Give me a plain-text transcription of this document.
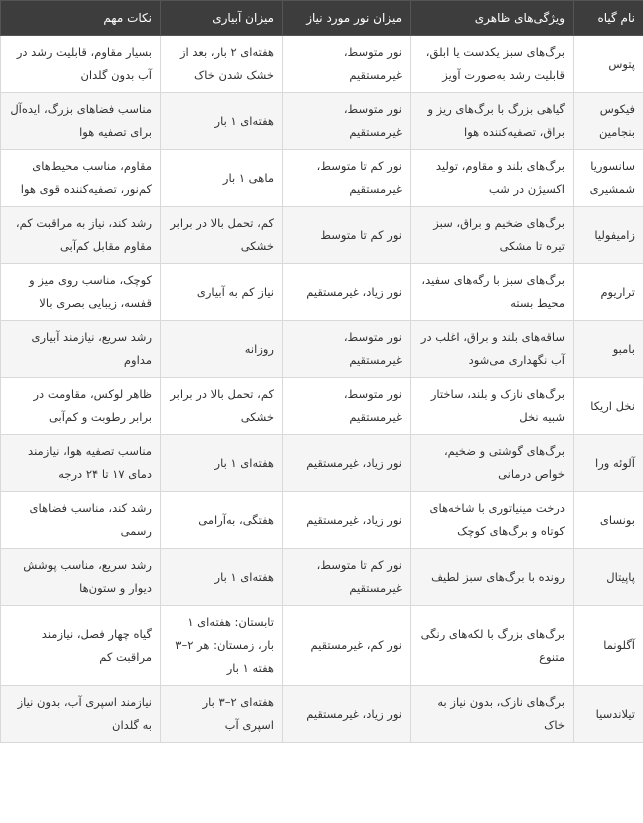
نام گیاه	ویژگی‌های ظاهری	میزان نور مورد نیاز	میزان آبیاری	نکات مهم
پتوس	برگ‌های سبز یکدست یا ابلق، قابلیت رشد به‌صورت آویز	نور متوسط، غیرمستقیم	هفته‌ای ۲ بار، بعد از خشک شدن خاک	بسیار مقاوم، قابلیت رشد در آب بدون گلدان
فیکوس بنجامین	گیاهی بزرگ با برگ‌های ریز و براق، تصفیه‌کننده هوا	نور متوسط، غیرمستقیم	هفته‌ای ۱ بار	مناسب فضاهای بزرگ، ایده‌آل برای تصفیه هوا
سانسوریا شمشیری	برگ‌های بلند و مقاوم، تولید اکسیژن در شب	نور کم تا متوسط، غیرمستقیم	ماهی ۱ بار	مقاوم، مناسب محیط‌های کم‌نور، تصفیه‌کننده قوی هوا
زامیفولیا	برگ‌های ضخیم و براق، سبز تیره تا مشکی	نور کم تا متوسط	کم، تحمل بالا در برابر خشکی	رشد کند، نیاز به مراقبت کم، مقاوم مقابل کم‌آبی
تراریوم	برگ‌های سبز با رگه‌های سفید، محیط بسته	نور زیاد، غیرمستقیم	نیاز کم به آبیاری	کوچک، مناسب روی میز و قفسه، زیبایی بصری بالا
بامبو	ساقه‌های بلند و براق، اغلب در آب نگهداری می‌شود	نور متوسط، غیرمستقیم	روزانه	رشد سریع، نیازمند آبیاری مداوم
نخل اریکا	برگ‌های نازک و بلند، ساختار شبیه نخل	نور متوسط، غیرمستقیم	کم، تحمل بالا در برابر خشکی	ظاهر لوکس، مقاومت در برابر رطوبت و کم‌آبی
آلوئه ورا	برگ‌های گوشتی و ضخیم، خواص درمانی	نور زیاد، غیرمستقیم	هفته‌ای ۱ بار	مناسب تصفیه هوا، نیازمند دمای ۱۷ تا ۲۴ درجه
بونسای	درخت مینیاتوری با شاخه‌های کوتاه و برگ‌های کوچک	نور زیاد، غیرمستقیم	هفتگی، به‌آرامی	رشد کند، مناسب فضاهای رسمی
پاپیتال	رونده با برگ‌های سبز لطیف	نور کم تا متوسط، غیرمستقیم	هفته‌ای ۱ بار	رشد سریع، مناسب پوشش دیوار و ستون‌ها
آگلونما	برگ‌های بزرگ با لکه‌های رنگی متنوع	نور کم، غیرمستقیم	تابستان: هفته‌ای ۱ بار، زمستان: هر ۲–۳ هفته ۱ بار	گیاه چهار فصل، نیازمند مراقبت کم
تیلاندسیا	برگ‌های نازک، بدون نیاز به خاک	نور زیاد، غیرمستقیم	هفته‌ای ۲–۳ بار اسپری آب	نیازمند اسپری آب، بدون نیاز به گلدان
